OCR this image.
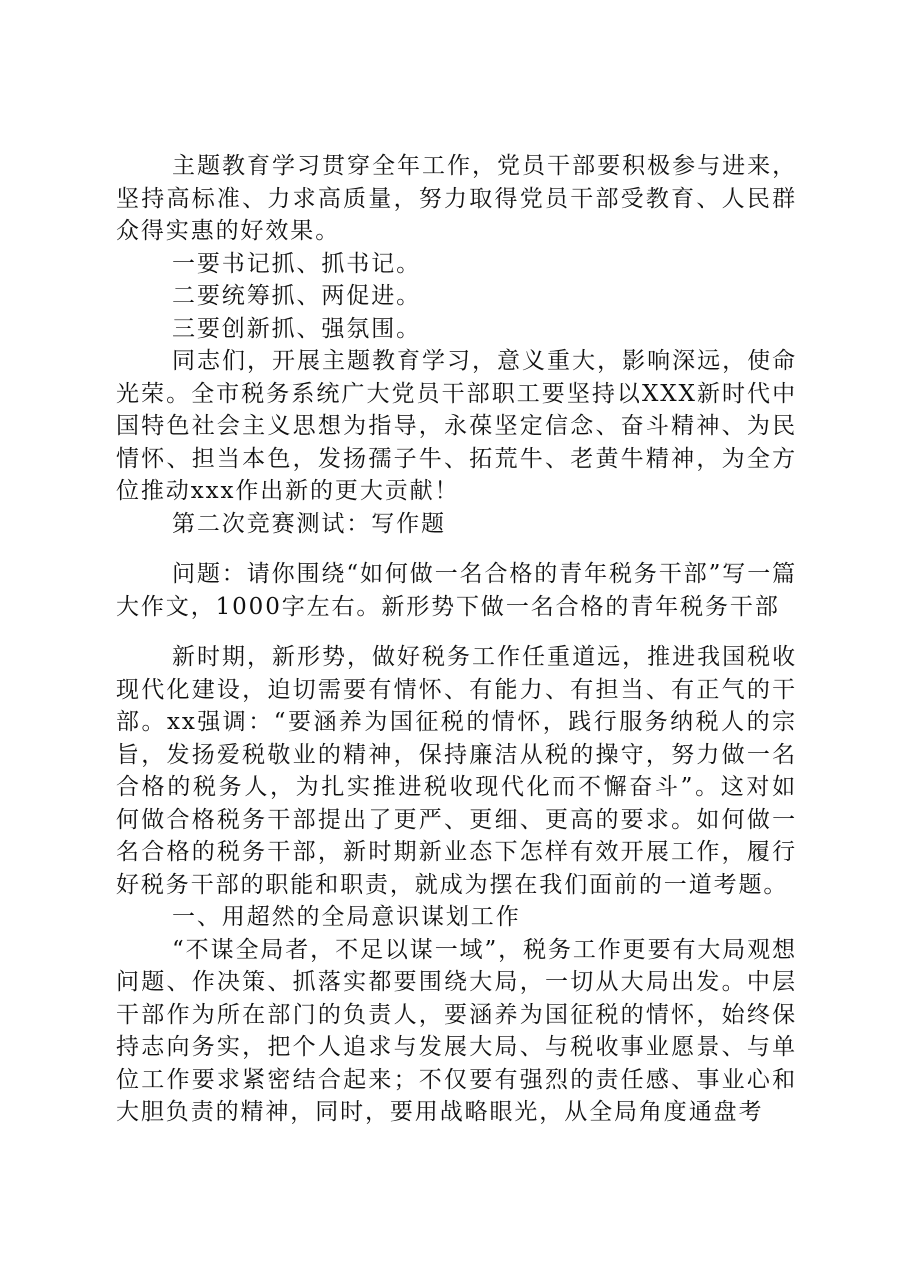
主题教育学习贯穿全年工作，党员干部要积极参与进来，坚持高标准、力求高质量，努力取得党员干部受教育、人民群众得实惠的好效果。

一要书记抓、抓书记。

二要统筹抓、两促进。

三要创新抓、强氛围。

同志们，开展主题教育学习，意义重大，影响深远，使命光荣。全市税务系统广大党员干部职工要坚持以XXX新时代中国特色社会主义思想为指导，永葆坚定信念、奋斗精神、为民情怀、担当本色，发扬孺子牛、拓荒牛、老黄牛精神，为全方位推动xxx作出新的更大贡献！

第二次竞赛测试：写作题

问题：请你围绕“如何做一名合格的青年税务干部”写一篇大作文，1000字左右。新形势下做一名合格的青年税务干部

新时期，新形势，做好税务工作任重道远，推进我国税收现代化建设，迫切需要有情怀、有能力、有担当、有正气的干部。xx强调：“要涵养为国征税的情怀，践行服务纳税人的宗旨，发扬爱税敬业的精神，保持廉洁从税的操守，努力做一名合格的税务人，为扎实推进税收现代化而不懈奋斗”。这对如何做合格税务干部提出了更严、更细、更高的要求。如何做一名合格的税务干部，新时期新业态下怎样有效开展工作，履行好税务干部的职能和职责，就成为摆在我们面前的一道考题。

一、用超然的全局意识谋划工作

“不谋全局者，不足以谋一域”，税务工作更要有大局观想问题、作决策、抓落实都要围绕大局，一切从大局出发。中层干部作为所在部门的负责人，要涵养为国征税的情怀，始终保持志向务实，把个人追求与发展大局、与税收事业愿景、与单位工作要求紧密结合起来；不仅要有强烈的责任感、事业心和大胆负责的精神，同时，要用战略眼光，从全局角度通盘考
